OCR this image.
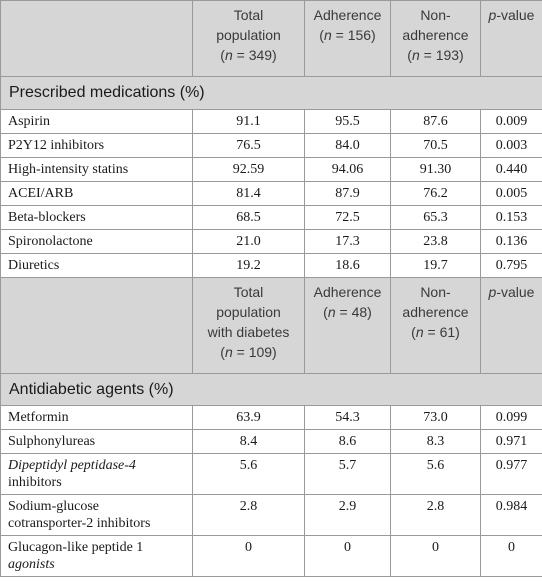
	Total
population
(n = 349)	Adherence
(n = 156)	Non-
adherence
(n = 193)	p-value
Prescribed medications (%)				
Aspirin	91.1	95.5	87.6	0.009
P2Y12 inhibitors	76.5	84.0	70.5	0.003
High-intensity statins	92.59	94.06	91.30	0.440
ACEI/ARB	81.4	87.9	76.2	0.005
Beta-blockers	68.5	72.5	65.3	0.153
Spironolactone	21.0	17.3	23.8	0.136
Diuretics	19.2	18.6	19.7	0.795
	Total
population
with diabetes
(n = 109)	Adherence
(n = 48)	Non-
adherence
(n = 61)	p-value
Antidiabetic agents (%)				
Metformin	63.9	54.3	73.0	0.099
Sulphonylureas	8.4	8.6	8.3	0.971
Dipeptidyl peptidase-4
inhibitors	5.6	5.7	5.6	0.977
Sodium-glucose
cotransporter-2 inhibitors	2.8	2.9	2.8	0.984
Glucagon-like peptide 1
agonists	0	0	0	0
